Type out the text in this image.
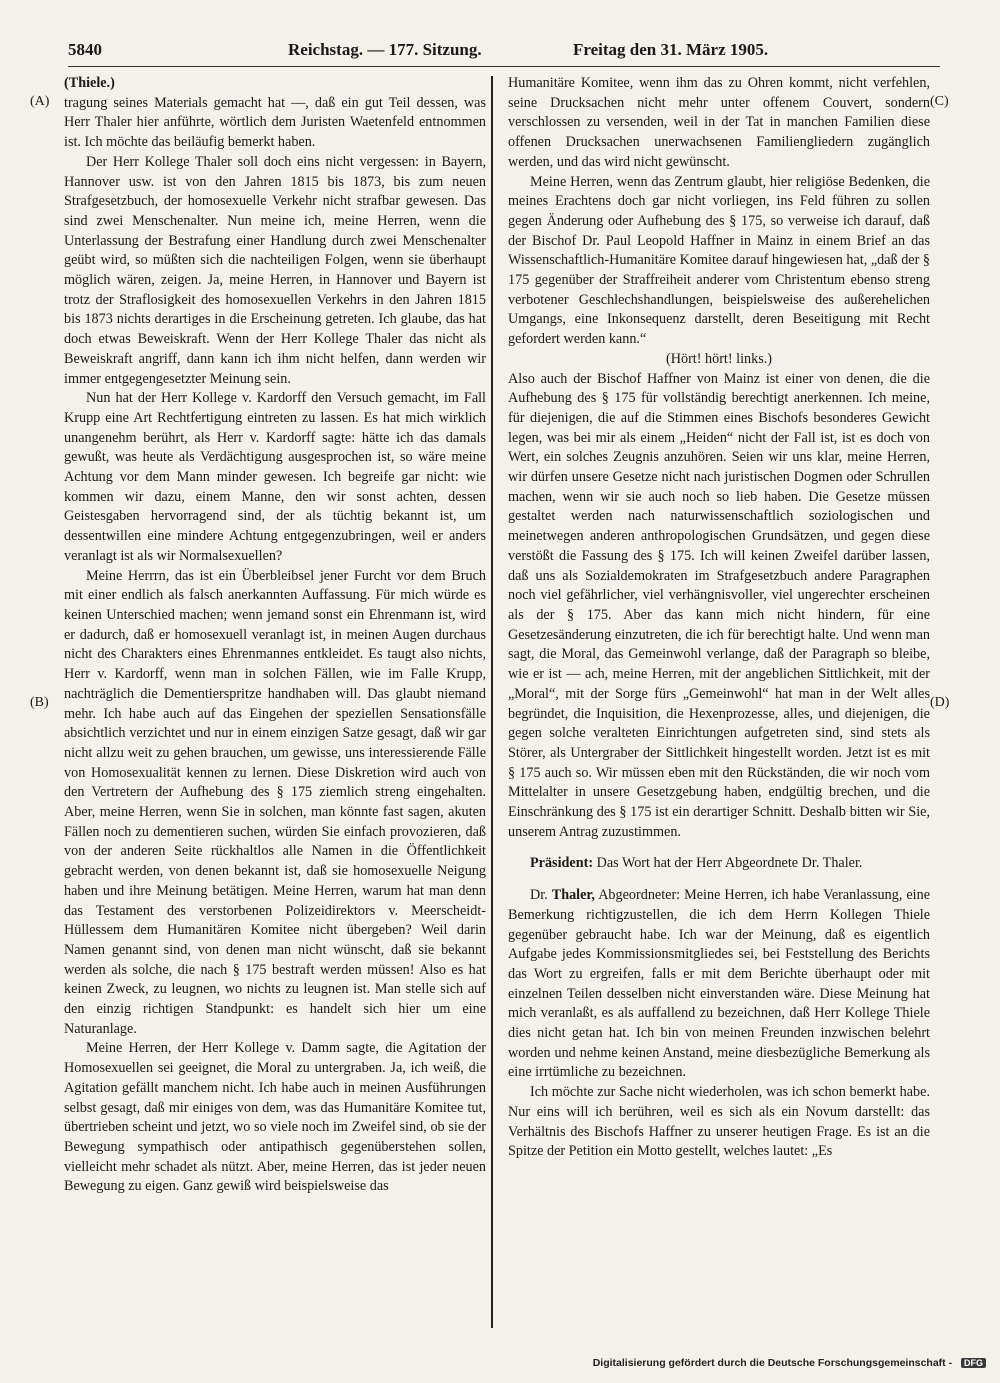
5840	Reichstag. — 177. Sitzung.	Freitag den 31. März 1905.
(A)
(B)
(C)
(D)

(Thiele.)

tragung seines Materials gemacht hat —, daß ein gut Teil dessen, was Herr Thaler hier anführte, wörtlich dem Juristen Waetenfeld entnommen ist. Ich möchte das beiläufig bemerkt haben.

Der Herr Kollege Thaler soll doch eins nicht vergessen: in Bayern, Hannover usw. ist von den Jahren 1815 bis 1873, bis zum neuen Strafgesetzbuch, der homosexuelle Verkehr nicht strafbar gewesen. Das sind zwei Menschenalter. Nun meine ich, meine Herren, wenn die Unterlassung der Bestrafung einer Handlung durch zwei Menschenalter geübt wird, so müßten sich die nachteiligen Folgen, wenn sie überhaupt möglich wären, zeigen. Ja, meine Herren, in Hannover und Bayern ist trotz der Straflosigkeit des homosexuellen Verkehrs in den Jahren 1815 bis 1873 nichts derartiges in die Erscheinung getreten. Ich glaube, das hat doch etwas Beweiskraft. Wenn der Herr Kollege Thaler das nicht als Beweiskraft angriff, dann kann ich ihm nicht helfen, dann werden wir immer entgegengesetzter Meinung sein.

Nun hat der Herr Kollege v. Kardorff den Versuch gemacht, im Fall Krupp eine Art Rechtfertigung eintreten zu lassen. Es hat mich wirklich unangenehm berührt, als Herr v. Kardorff sagte: hätte ich das damals gewußt, was heute als Verdächtigung ausgesprochen ist, so wäre meine Achtung vor dem Mann minder gewesen. Ich begreife gar nicht: wie kommen wir dazu, einem Manne, den wir sonst achten, dessen Geistesgaben hervorragend sind, der als tüchtig bekannt ist, um dessentwillen eine mindere Achtung entgegenzubringen, weil er anders veranlagt ist als wir Normalsexuellen?

Meine Herrrn, das ist ein Überbleibsel jener Furcht vor dem Bruch mit einer endlich als falsch anerkannten Auffassung. Für mich würde es keinen Unterschied machen; wenn jemand sonst ein Ehrenmann ist, wird er dadurch, daß er homosexuell veranlagt ist, in meinen Augen durchaus nicht des Charakters eines Ehrenmannes entkleidet. Es taugt also nichts, Herr v. Kardorff, wenn man in solchen Fällen, wie im Falle Krupp, nachträglich die Dementierspritze handhaben will. Das glaubt niemand mehr. Ich habe auch auf das Eingehen der speziellen Sensationsfälle absichtlich verzichtet und nur in einem einzigen Satze gesagt, daß wir gar nicht allzu weit zu gehen brauchen, um gewisse, uns interessierende Fälle von Homosexualität kennen zu lernen. Diese Diskretion wird auch von den Vertretern der Aufhebung des § 175 ziemlich streng eingehalten. Aber, meine Herren, wenn Sie in solchen, man könnte fast sagen, akuten Fällen noch zu dementieren suchen, würden Sie einfach provozieren, daß von der anderen Seite rückhaltlos alle Namen in die Öffentlichkeit gebracht werden, von denen bekannt ist, daß sie homosexuelle Neigung haben und ihre Meinung betätigen. Meine Herren, warum hat man denn das Testament des verstorbenen Polizeidirektors v. Meerscheidt-Hüllessem dem Humanitären Komitee nicht übergeben? Weil darin Namen genannt sind, von denen man nicht wünscht, daß sie bekannt werden als solche, die nach § 175 bestraft werden müssen! Also es hat keinen Zweck, zu leugnen, wo nichts zu leugnen ist. Man stelle sich auf den einzig richtigen Standpunkt: es handelt sich hier um eine Naturanlage.

Meine Herren, der Herr Kollege v. Damm sagte, die Agitation der Homosexuellen sei geeignet, die Moral zu untergraben. Ja, ich weiß, die Agitation gefällt manchem nicht. Ich habe auch in meinen Ausführungen selbst gesagt, daß mir einiges von dem, was das Humanitäre Komitee tut, übertrieben scheint und jetzt, wo so viele noch im Zweifel sind, ob sie der Bewegung sympathisch oder antipathisch gegenüberstehen sollen, vielleicht mehr schadet als nützt. Aber, meine Herren, das ist jeder neuen Bewegung zu eigen. Ganz gewiß wird beispielsweise das

Humanitäre Komitee, wenn ihm das zu Ohren kommt, nicht verfehlen, seine Drucksachen nicht mehr unter offenem Couvert, sondern verschlossen zu versenden, weil in der Tat in manchen Familien diese offenen Drucksachen unerwachsenen Familiengliedern zugänglich werden, und das wird nicht gewünscht.

Meine Herren, wenn das Zentrum glaubt, hier religiöse Bedenken, die meines Erachtens doch gar nicht vorliegen, ins Feld führen zu sollen gegen Änderung oder Aufhebung des § 175, so verweise ich darauf, daß der Bischof Dr. Paul Leopold Haffner in Mainz in einem Brief an das Wissenschaftlich-Humanitäre Komitee darauf hingewiesen hat, „daß der § 175 gegenüber der Straffreiheit anderer vom Christentum ebenso streng verbotener Geschlechshandlungen, beispielsweise des außerehelichen Umgangs, eine Inkonsequenz darstellt, deren Beseitigung mit Recht gefordert werden kann.“

(Hört! hört! links.)

Also auch der Bischof Haffner von Mainz ist einer von denen, die die Aufhebung des § 175 für vollständig berechtigt anerkennen. Ich meine, für diejenigen, die auf die Stimmen eines Bischofs besonderes Gewicht legen, was bei mir als einem „Heiden“ nicht der Fall ist, ist es doch von Wert, ein solches Zeugnis anzuhören. Seien wir uns klar, meine Herren, wir dürfen unsere Gesetze nicht nach juristischen Dogmen oder Schrullen machen, wenn wir sie auch noch so lieb haben. Die Gesetze müssen gestaltet werden nach naturwissenschaftlich soziologischen und meinetwegen anderen anthropologischen Grundsätzen, und gegen diese verstößt die Fassung des § 175. Ich will keinen Zweifel darüber lassen, daß uns als Sozialdemokraten im Strafgesetzbuch andere Paragraphen noch viel gefährlicher, viel verhängnisvoller, viel ungerechter erscheinen als der § 175. Aber das kann mich nicht hindern, für eine Gesetzesänderung einzutreten, die ich für berechtigt halte. Und wenn man sagt, die Moral, das Gemeinwohl verlange, daß der Paragraph so bleibe, wie er ist — ach, meine Herren, mit der angeblichen Sittlichkeit, mit der „Moral“, mit der Sorge fürs „Gemeinwohl“ hat man in der Welt alles begründet, die Inquisition, die Hexenprozesse, alles, und diejenigen, die gegen solche veralteten Einrichtungen aufgetreten sind, sind stets als Störer, als Untergraber der Sittlichkeit hingestellt worden. Jetzt ist es mit § 175 auch so. Wir müssen eben mit den Rückständen, die wir noch vom Mittelalter in unsere Gesetzgebung haben, endgültig brechen, und die Einschränkung des § 175 ist ein derartiger Schnitt. Deshalb bitten wir Sie, unserem Antrag zuzustimmen.

Präsident: Das Wort hat der Herr Abgeordnete Dr. Thaler.

Dr. Thaler, Abgeordneter: Meine Herren, ich habe Veranlassung, eine Bemerkung richtigzustellen, die ich dem Herrn Kollegen Thiele gegenüber gebraucht habe. Ich war der Meinung, daß es eigentlich Aufgabe jedes Kommissionsmitgliedes sei, bei Feststellung des Berichts das Wort zu ergreifen, falls er mit dem Berichte überhaupt oder mit einzelnen Teilen desselben nicht einverstanden wäre. Diese Meinung hat mich veranlaßt, es als auffallend zu bezeichnen, daß Herr Kollege Thiele dies nicht getan hat. Ich bin von meinen Freunden inzwischen belehrt worden und nehme keinen Anstand, meine diesbezügliche Bemerkung als eine irrtümliche zu bezeichnen.

Ich möchte zur Sache nicht wiederholen, was ich schon bemerkt habe. Nur eins will ich berühren, weil es sich als ein Novum darstellt: das Verhältnis des Bischofs Haffner zu unserer heutigen Frage. Es ist an die Spitze der Petition ein Motto gestellt, welches lautet: „Es

Digitalisierung gefördert durch die Deutsche Forschungsgemeinschaft - DFG
